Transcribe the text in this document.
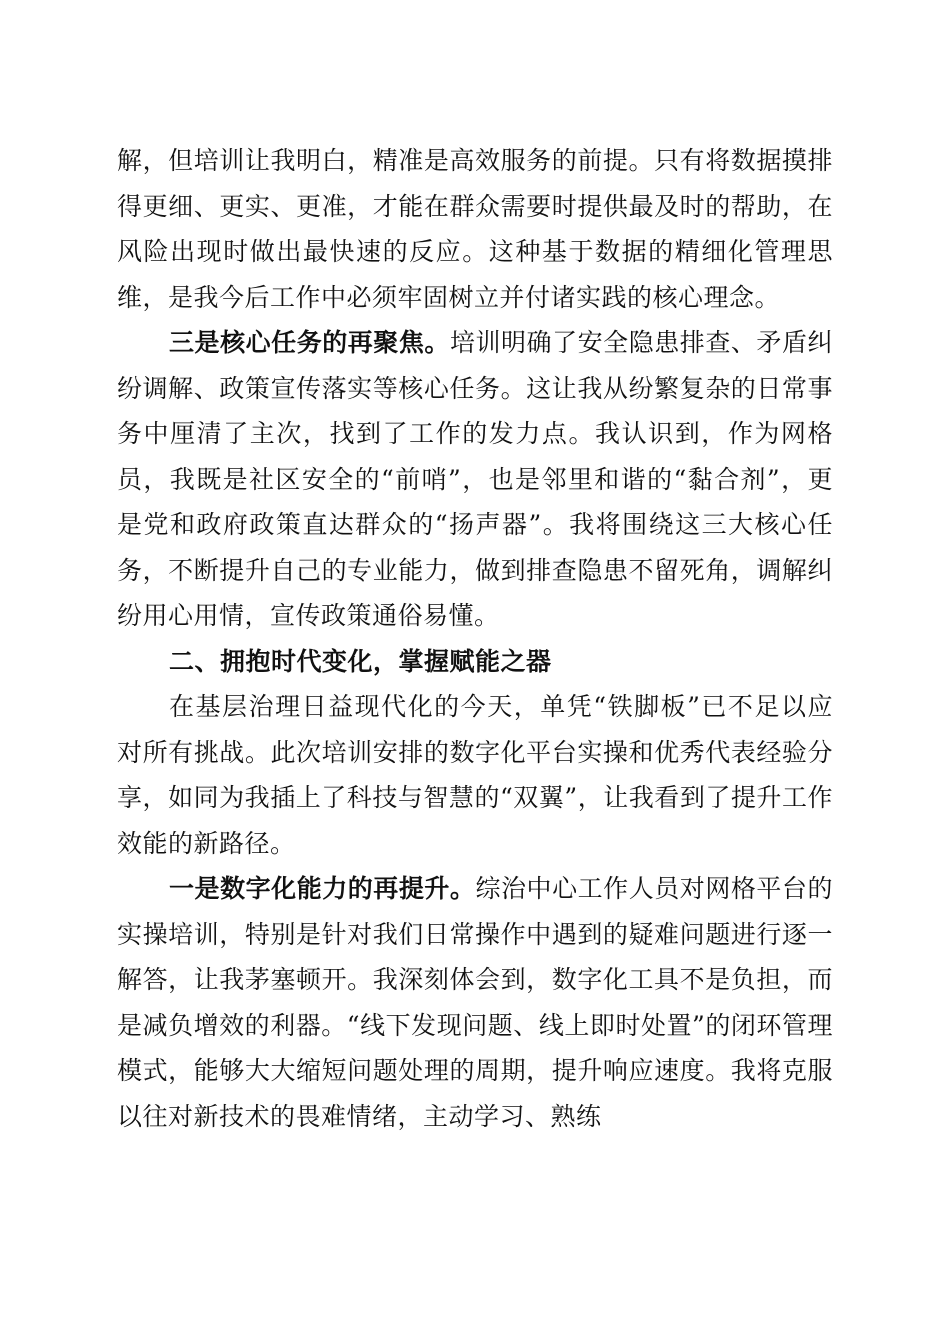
解，但培训让我明白，精准是高效服务的前提。只有将数据摸排得更细、更实、更准，才能在群众需要时提供最及时的帮助，在风险出现时做出最快速的反应。这种基于数据的精细化管理思维，是我今后工作中必须牢固树立并付诸实践的核心理念。

三是核心任务的再聚焦。培训明确了安全隐患排查、矛盾纠纷调解、政策宣传落实等核心任务。这让我从纷繁复杂的日常事务中厘清了主次，找到了工作的发力点。我认识到，作为网格员，我既是社区安全的“前哨”，也是邻里和谐的“黏合剂”，更是党和政府政策直达群众的“扬声器”。我将围绕这三大核心任务，不断提升自己的专业能力，做到排查隐患不留死角，调解纠纷用心用情，宣传政策通俗易懂。

二、拥抱时代变化，掌握赋能之器

在基层治理日益现代化的今天，单凭“铁脚板”已不足以应对所有挑战。此次培训安排的数字化平台实操和优秀代表经验分享，如同为我插上了科技与智慧的“双翼”，让我看到了提升工作效能的新路径。

一是数字化能力的再提升。综治中心工作人员对网格平台的实操培训，特别是针对我们日常操作中遇到的疑难问题进行逐一解答，让我茅塞顿开。我深刻体会到，数字化工具不是负担，而是减负增效的利器。“线下发现问题、线上即时处置”的闭环管理模式，能够大大缩短问题处理的周期，提升响应速度。我将克服以往对新技术的畏难情绪，主动学习、熟练
